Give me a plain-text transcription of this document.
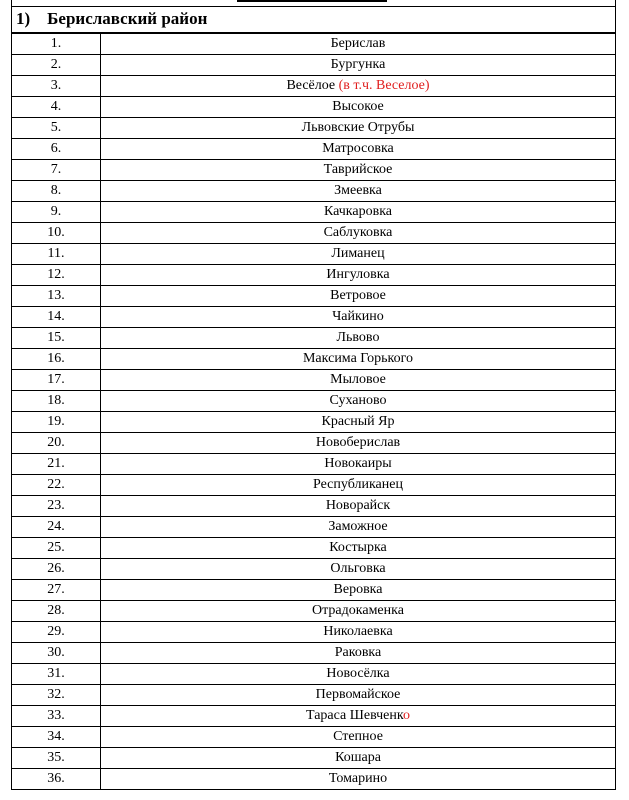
1) Бериславский район
1.	Берислав
2.	Бургунка
3.	Весёлое (в т.ч. Веселое)
4.	Высокое
5.	Львовские Отрубы
6.	Матросовка
7.	Таврийское
8.	Змеевка
9.	Качкаровка
10.	Саблуковка
11.	Лиманец
12.	Ингуловка
13.	Ветровое
14.	Чайкино
15.	Львово
16.	Максима Горького
17.	Мыловое
18.	Суханово
19.	Красный Яр
20.	Новоберислав
21.	Новокаиры
22.	Республиканец
23.	Новорайск
24.	Заможное
25.	Костырка
26.	Ольговка
27.	Веровка
28.	Отрадокаменка
29.	Николаевка
30.	Раковка
31.	Новосёлка
32.	Первомайское
33.	Тараса Шевченко
34.	Степное
35.	Кошара
36.	Томарино
